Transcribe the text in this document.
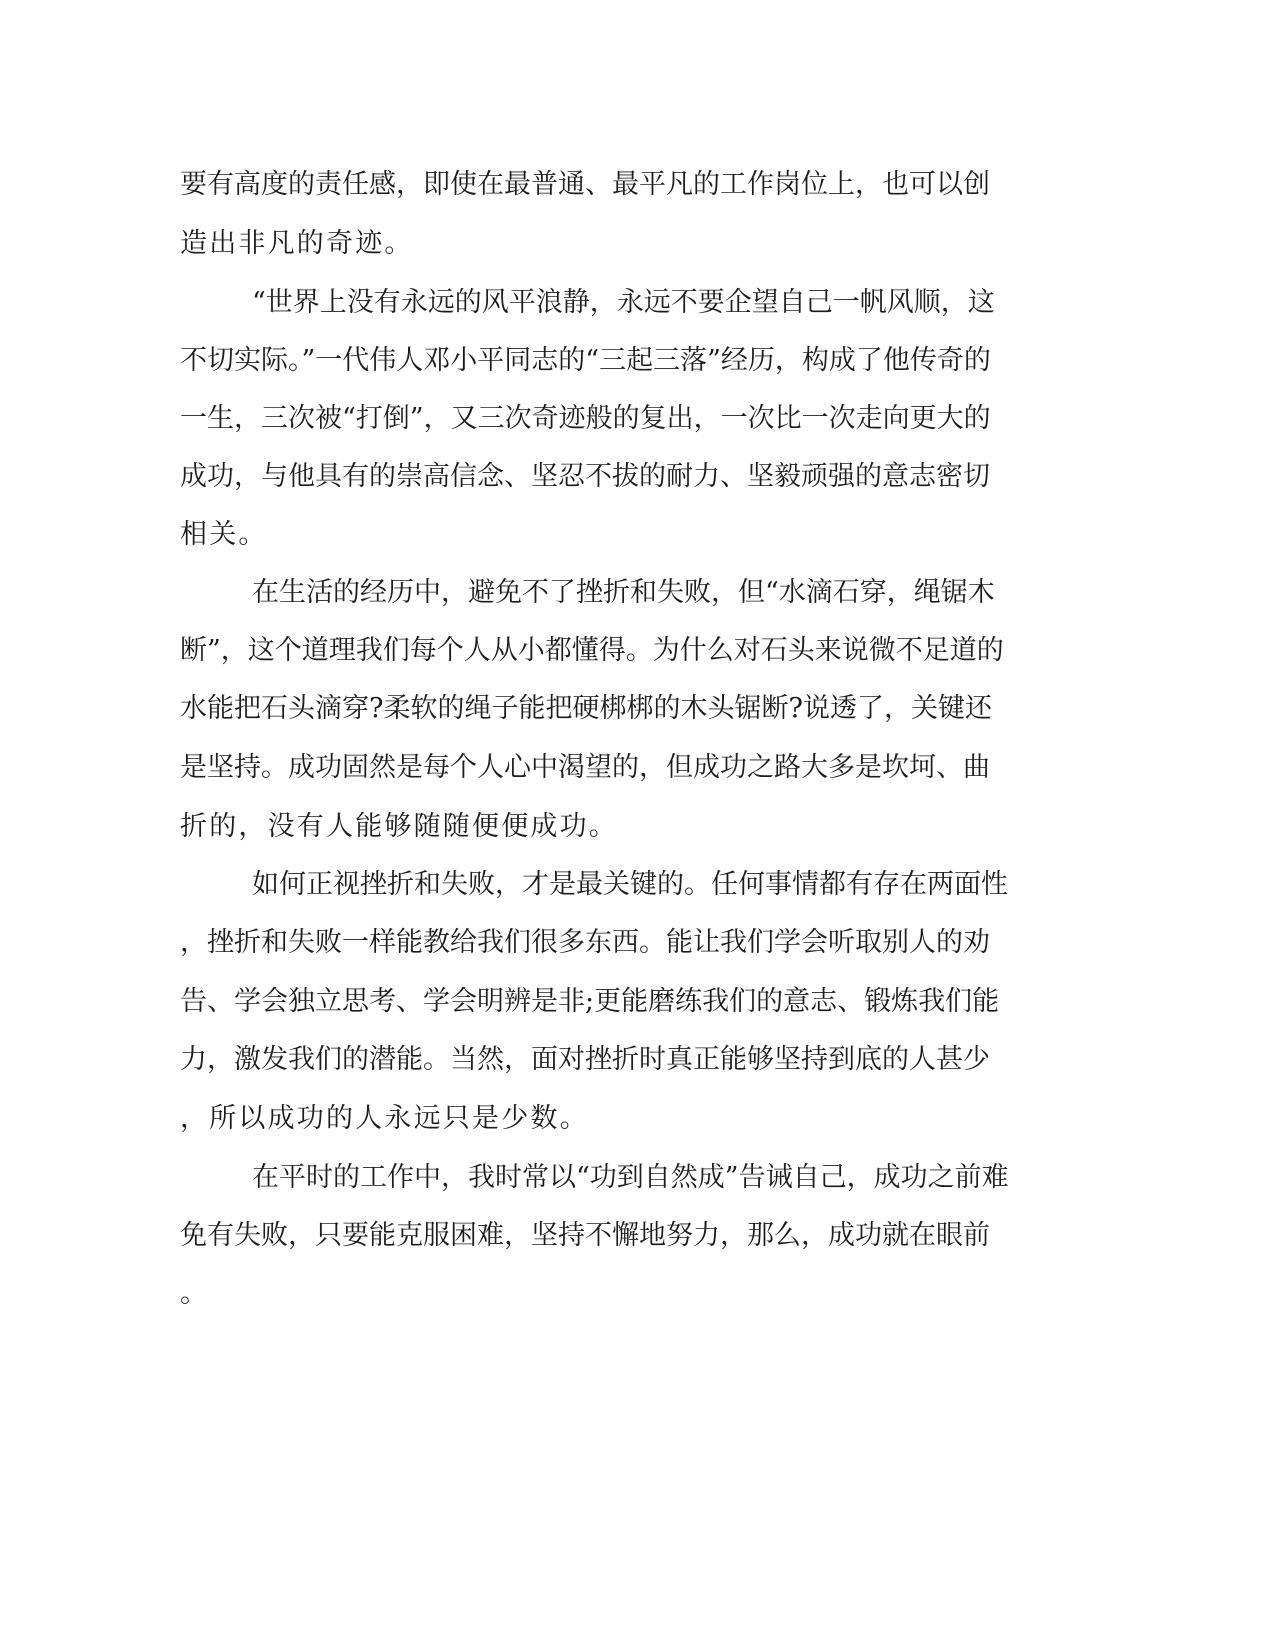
要有高度的责任感，即使在最普通、最平凡的工作岗位上，也可以创
造出非凡的奇迹。
“世界上没有永远的风平浪静，永远不要企望自己一帆风顺，这
不切实际。”一代伟人邓小平同志的“三起三落”经历，构成了他传奇的
一生，三次被“打倒”，又三次奇迹般的复出，一次比一次走向更大的
成功，与他具有的崇高信念、坚忍不拔的耐力、坚毅顽强的意志密切
相关。
在生活的经历中，避免不了挫折和失败，但“水滴石穿，绳锯木
断”，这个道理我们每个人从小都懂得。为什么对石头来说微不足道的
水能把石头滴穿?柔软的绳子能把硬梆梆的木头锯断?说透了，关键还
是坚持。成功固然是每个人心中渴望的，但成功之路大多是坎坷、曲
折的，没有人能够随随便便成功。
如何正视挫折和失败，才是最关键的。任何事情都有存在两面性
，挫折和失败一样能教给我们很多东西。能让我们学会听取别人的劝
告、学会独立思考、学会明辨是非;更能磨练我们的意志、锻炼我们能
力，激发我们的潜能。当然，面对挫折时真正能够坚持到底的人甚少
，所以成功的人永远只是少数。
在平时的工作中，我时常以“功到自然成”告诫自己，成功之前难
免有失败，只要能克服困难，坚持不懈地努力，那么，成功就在眼前
。
